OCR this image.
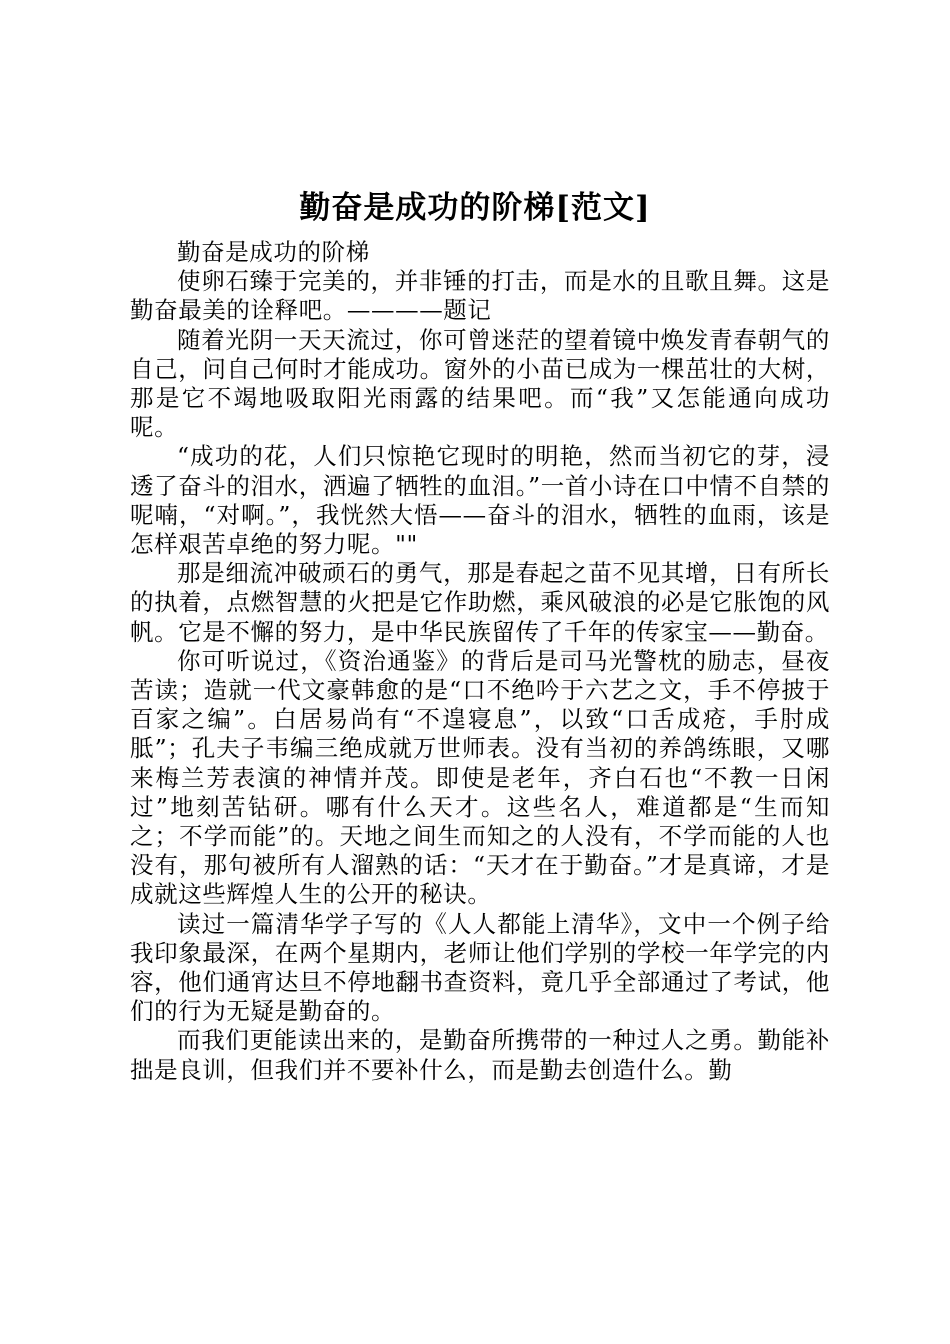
勤奋是成功的阶梯[范文]

勤奋是成功的阶梯

使卵石臻于完美的，并非锤的打击，而是水的且歌且舞。这是勤奋最美的诠释吧。————题记

随着光阴一天天流过，你可曾迷茫的望着镜中焕发青春朝气的自己，问自己何时才能成功。窗外的小苗已成为一棵茁壮的大树，那是它不竭地吸取阳光雨露的结果吧。而“我”又怎能通向成功呢。

“成功的花，人们只惊艳它现时的明艳，然而当初它的芽，浸透了奋斗的泪水，洒遍了牺牲的血泪。”一首小诗在口中情不自禁的呢喃，“对啊。”，我恍然大悟——奋斗的泪水，牺牲的血雨，该是怎样艰苦卓绝的努力呢。""

那是细流冲破顽石的勇气，那是春起之苗不见其增，日有所长的执着，点燃智慧的火把是它作助燃，乘风破浪的必是它胀饱的风帆。它是不懈的努力，是中华民族留传了千年的传家宝——勤奋。

你可听说过，《资治通鉴》的背后是司马光警枕的励志，昼夜苦读；造就一代文豪韩愈的是“口不绝吟于六艺之文，手不停披于百家之编”。白居易尚有“不遑寝息”，以致“口舌成疮，手肘成胝”；孔夫子韦编三绝成就万世师表。没有当初的养鸽练眼，又哪来梅兰芳表演的神情并茂。即使是老年，齐白石也“不教一日闲过”地刻苦钻研。哪有什么天才。这些名人，难道都是“生而知之；不学而能”的。天地之间生而知之的人没有，不学而能的人也没有，那句被所有人溜熟的话：“天才在于勤奋。”才是真谛，才是成就这些辉煌人生的公开的秘诀。

读过一篇清华学子写的《人人都能上清华》，文中一个例子给我印象最深，在两个星期内，老师让他们学别的学校一年学完的内容，他们通宵达旦不停地翻书查资料，竟几乎全部通过了考试，他们的行为无疑是勤奋的。

而我们更能读出来的，是勤奋所携带的一种过人之勇。勤能补拙是良训，但我们并不要补什么，而是勤去创造什么。勤
